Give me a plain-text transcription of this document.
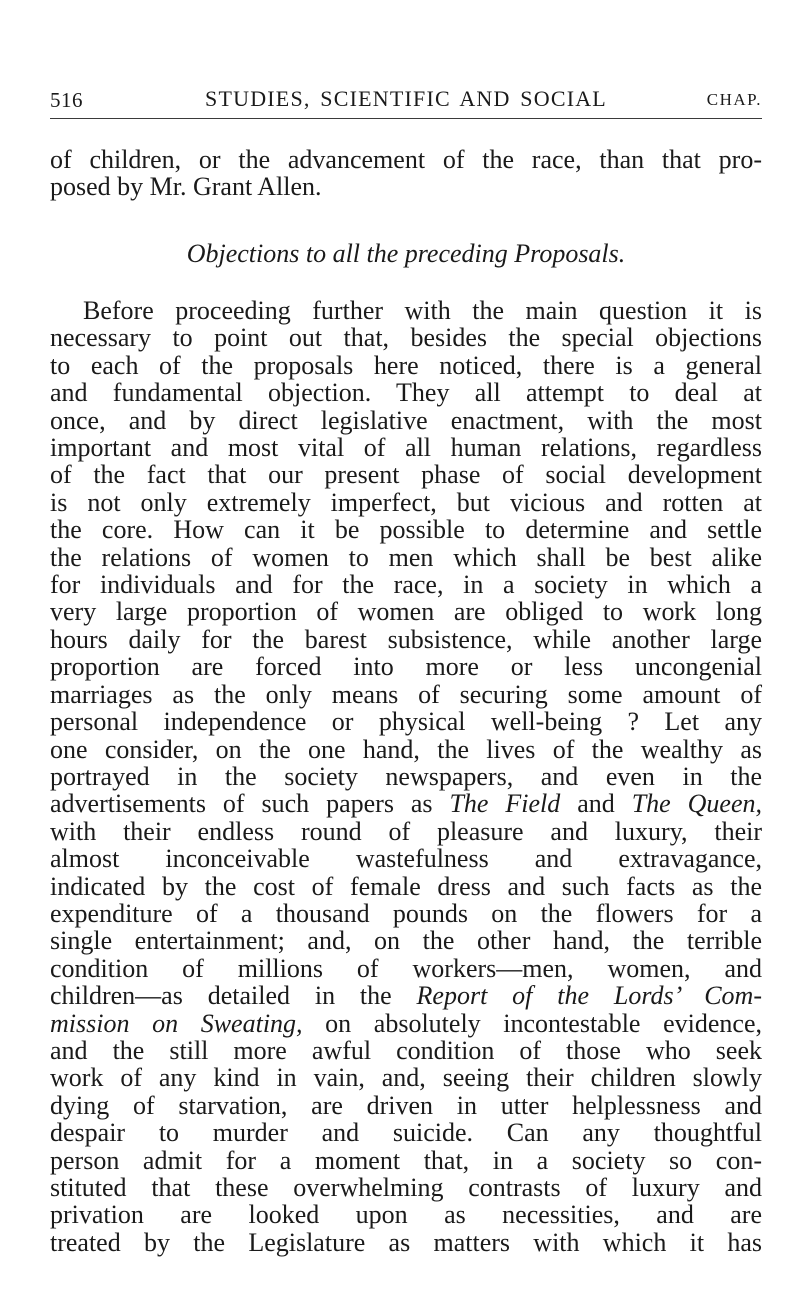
516	STUDIES, SCIENTIFIC AND SOCIAL	CHAP.
of children, or the advancement of the race, than that pro-
posed by Mr. Grant Allen.
Objections to all the preceding Proposals.
Before proceeding further with the main question it is
necessary to point out that, besides the special objections
to each of the proposals here noticed, there is a general
and fundamental objection. They all attempt to deal at
once, and by direct legislative enactment, with the most
important and most vital of all human relations, regardless
of the fact that our present phase of social development
is not only extremely imperfect, but vicious and rotten at
the core. How can it be possible to determine and settle
the relations of women to men which shall be best alike
for individuals and for the race, in a society in which a
very large proportion of women are obliged to work long
hours daily for the barest subsistence, while another large
proportion are forced into more or less uncongenial
marriages as the only means of securing some amount of
personal independence or physical well-being ? Let any
one consider, on the one hand, the lives of the wealthy as
portrayed in the society newspapers, and even in the
advertisements of such papers as The Field and The Queen,
with their endless round of pleasure and luxury, their
almost inconceivable wastefulness and extravagance,
indicated by the cost of female dress and such facts as the
expenditure of a thousand pounds on the flowers for a
single entertainment; and, on the other hand, the terrible
condition of millions of workers—men, women, and
children—as detailed in the Report of the Lords’ Com-
mission on Sweating, on absolutely incontestable evidence,
and the still more awful condition of those who seek
work of any kind in vain, and, seeing their children slowly
dying of starvation, are driven in utter helplessness and
despair to murder and suicide. Can any thoughtful
person admit for a moment that, in a society so con-
stituted that these overwhelming contrasts of luxury and
privation are looked upon as necessities, and are
treated by the Legislature as matters with which it has
